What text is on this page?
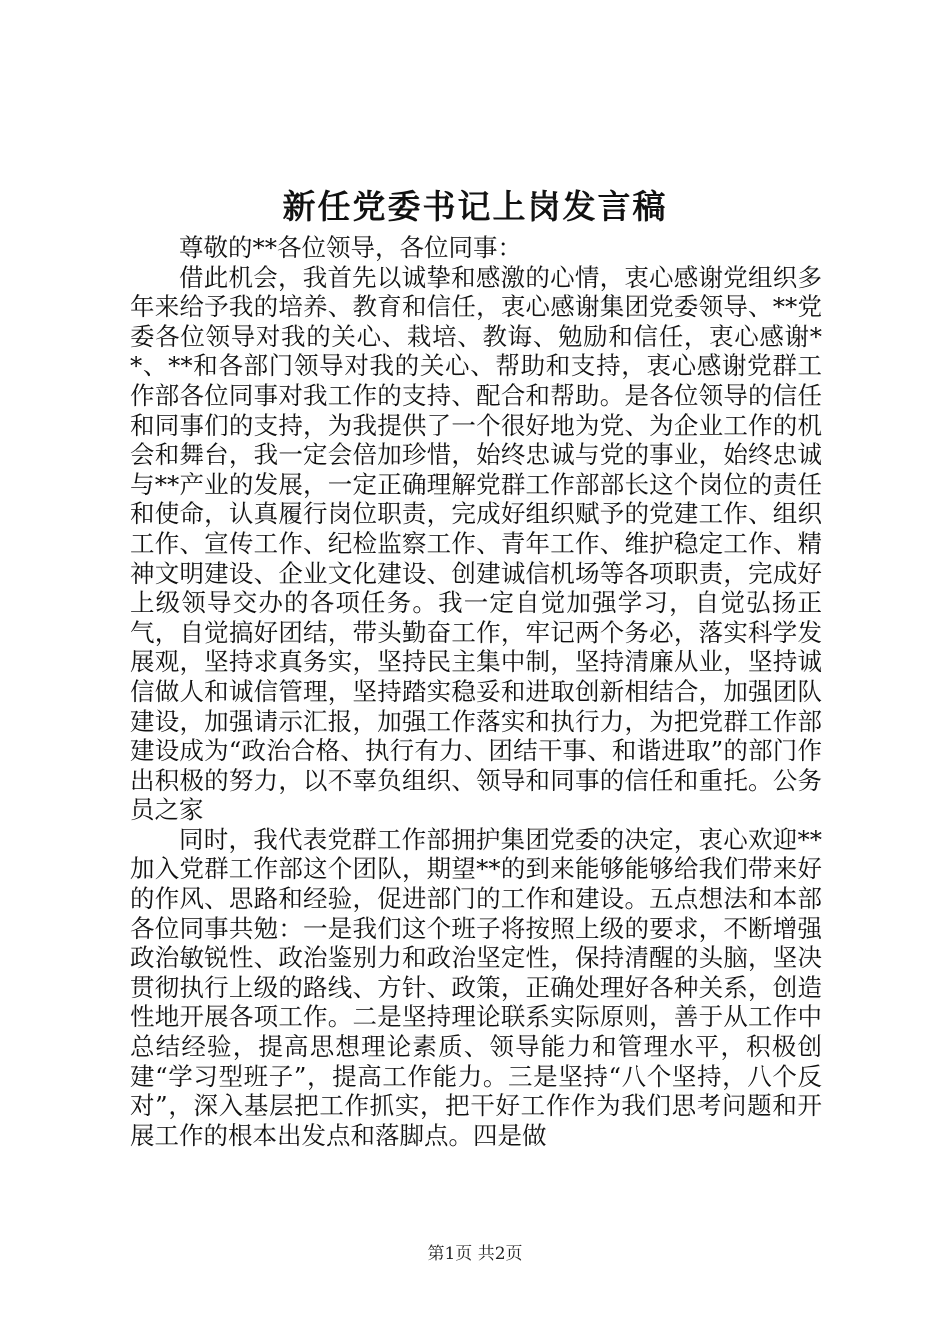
新任党委书记上岗发言稿

尊敬的**各位领导，各位同事：

借此机会，我首先以诚挚和感激的心情，衷心感谢党组织多年来给予我的培养、教育和信任，衷心感谢集团党委领导、**党委各位领导对我的关心、栽培、教诲、勉励和信任，衷心感谢**、**和各部门领导对我的关心、帮助和支持，衷心感谢党群工作部各位同事对我工作的支持、配合和帮助。是各位领导的信任和同事们的支持，为我提供了一个很好地为党、为企业工作的机会和舞台，我一定会倍加珍惜，始终忠诚与党的事业，始终忠诚与**产业的发展，一定正确理解党群工作部部长这个岗位的责任和使命，认真履行岗位职责，完成好组织赋予的党建工作、组织工作、宣传工作、纪检监察工作、青年工作、维护稳定工作、精神文明建设、企业文化建设、创建诚信机场等各项职责，完成好上级领导交办的各项任务。我一定自觉加强学习，自觉弘扬正气，自觉搞好团结，带头勤奋工作，牢记两个务必，落实科学发展观，坚持求真务实，坚持民主集中制，坚持清廉从业，坚持诚信做人和诚信管理，坚持踏实稳妥和进取创新相结合，加强团队建设，加强请示汇报，加强工作落实和执行力，为把党群工作部建设成为“政治合格、执行有力、团结干事、和谐进取”的部门作出积极的努力，以不辜负组织、领导和同事的信任和重托。公务员之家

同时，我代表党群工作部拥护集团党委的决定，衷心欢迎**加入党群工作部这个团队，期望**的到来能够能够给我们带来好的作风、思路和经验，促进部门的工作和建设。五点想法和本部各位同事共勉：一是我们这个班子将按照上级的要求，不断增强政治敏锐性、政治鉴别力和政治坚定性，保持清醒的头脑，坚决贯彻执行上级的路线、方针、政策，正确处理好各种关系，创造性地开展各项工作。二是坚持理论联系实际原则，善于从工作中总结经验，提高思想理论素质、领导能力和管理水平，积极创建“学习型班子”，提高工作能力。三是坚持“八个坚持，八个反对”，深入基层把工作抓实，把干好工作作为我们思考问题和开展工作的根本出发点和落脚点。四是做

第1页 共2页
